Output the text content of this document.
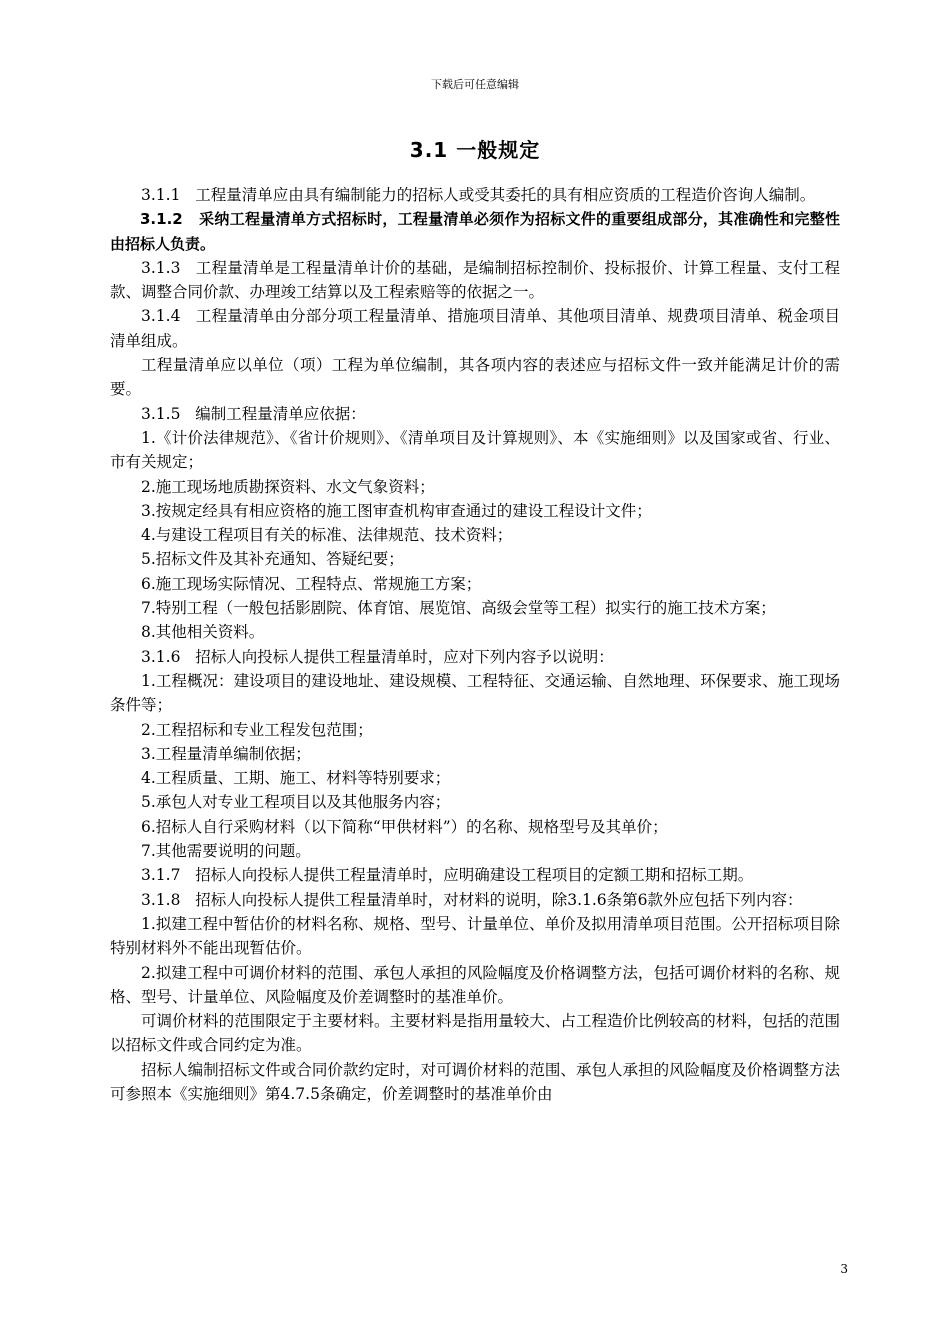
下载后可任意编辑
3.1 一般规定

3.1.1   工程量清单应由具有编制能力的招标人或受其委托的具有相应资质的工程造价咨询人编制。

3.1.2   采纳工程量清单方式招标时，工程量清单必须作为招标文件的重要组成部分，其准确性和完整性由招标人负责。

3.1.3   工程量清单是工程量清单计价的基础，是编制招标控制价、投标报价、计算工程量、支付工程款、调整合同价款、办理竣工结算以及工程索赔等的依据之一。

3.1.4   工程量清单由分部分项工程量清单、措施项目清单、其他项目清单、规费项目清单、税金项目清单组成。

工程量清单应以单位（项）工程为单位编制，其各项内容的表述应与招标文件一致并能满足计价的需要。

3.1.5   编制工程量清单应依据：

1.《计价法律规范》、《省计价规则》、《清单项目及计算规则》、本《实施细则》以及国家或省、行业、市有关规定；

2.施工现场地质勘探资料、水文气象资料；

3.按规定经具有相应资格的施工图审查机构审查通过的建设工程设计文件；

4.与建设工程项目有关的标准、法律规范、技术资料；

5.招标文件及其补充通知、答疑纪要；

6.施工现场实际情况、工程特点、常规施工方案；

7.特别工程（一般包括影剧院、体育馆、展览馆、高级会堂等工程）拟实行的施工技术方案；

8.其他相关资料。

3.1.6   招标人向投标人提供工程量清单时，应对下列内容予以说明：

1.工程概况：建设项目的建设地址、建设规模、工程特征、交通运输、自然地理、环保要求、施工现场条件等；

2.工程招标和专业工程发包范围；

3.工程量清单编制依据；

4.工程质量、工期、施工、材料等特别要求；

5.承包人对专业工程项目以及其他服务内容；

6.招标人自行采购材料（以下简称“甲供材料”）的名称、规格型号及其单价；

7.其他需要说明的问题。

3.1.7   招标人向投标人提供工程量清单时，应明确建设工程项目的定额工期和招标工期。

3.1.8   招标人向投标人提供工程量清单时，对材料的说明，除3.1.6条第6款外应包括下列内容：

1.拟建工程中暂估价的材料名称、规格、型号、计量单位、单价及拟用清单项目范围。公开招标项目除特别材料外不能出现暂估价。

2.拟建工程中可调价材料的范围、承包人承担的风险幅度及价格调整方法，包括可调价材料的名称、规格、型号、计量单位、风险幅度及价差调整时的基准单价。

可调价材料的范围限定于主要材料。主要材料是指用量较大、占工程造价比例较高的材料，包括的范围以招标文件或合同约定为准。

招标人编制招标文件或合同价款约定时，对可调价材料的范围、承包人承担的风险幅度及价格调整方法可参照本《实施细则》第4.7.5条确定，价差调整时的基准单价由

3
